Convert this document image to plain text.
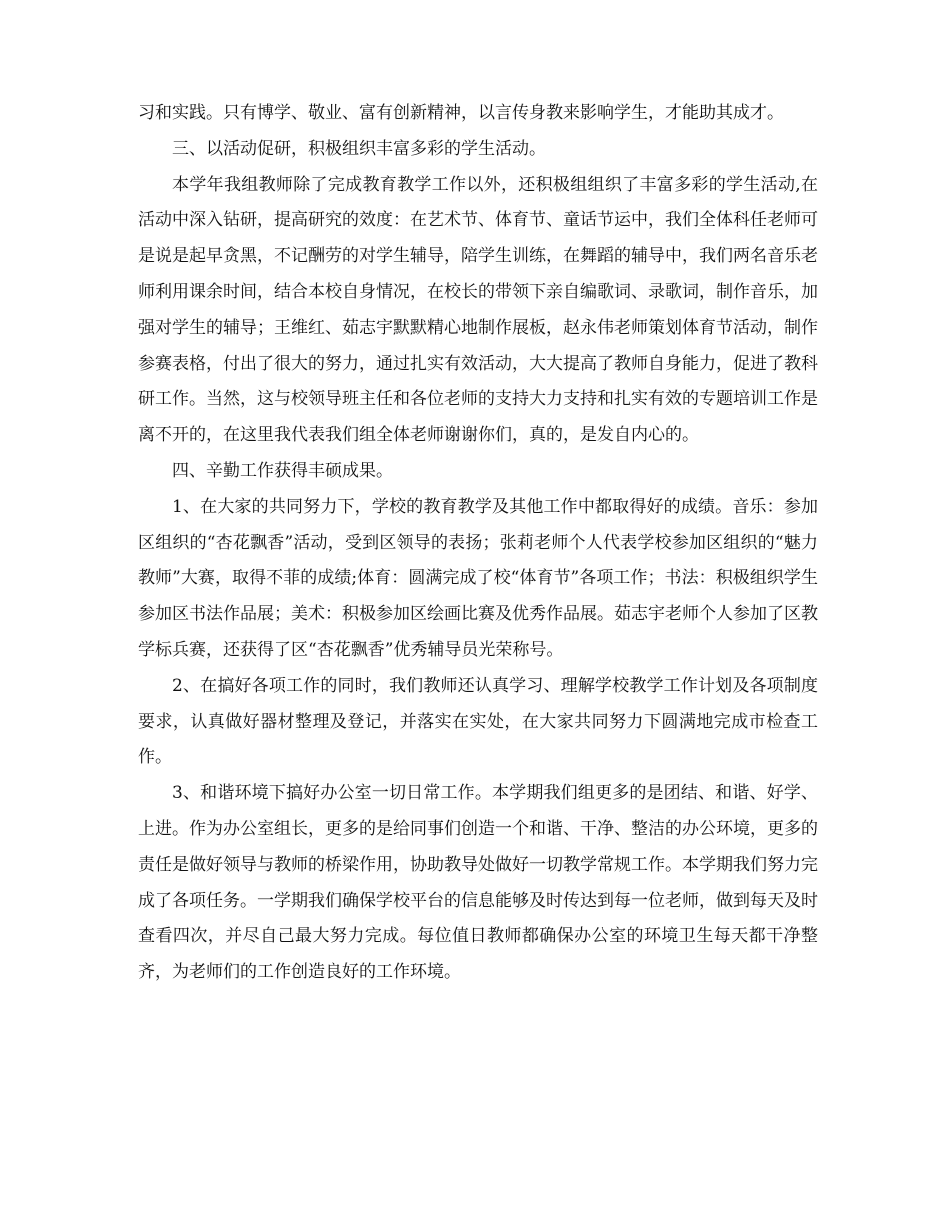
习和实践。只有博学、敬业、富有创新精神，以言传身教来影响学生，才能助其成才。

三、以活动促研，积极组织丰富多彩的学生活动。

本学年我组教师除了完成教育教学工作以外，还积极组组织了丰富多彩的学生活动,在活动中深入钻研，提高研究的效度：在艺术节、体育节、童话节运中，我们全体科任老师可是说是起早贪黑，不记酬劳的对学生辅导，陪学生训练，在舞蹈的辅导中，我们两名音乐老师利用课余时间，结合本校自身情况，在校长的带领下亲自编歌词、录歌词，制作音乐，加强对学生的辅导；王维红、茹志宇默默精心地制作展板，赵永伟老师策划体育节活动，制作参赛表格，付出了很大的努力，通过扎实有效活动，大大提高了教师自身能力，促进了教科研工作。当然，这与校领导班主任和各位老师的支持大力支持和扎实有效的专题培训工作是离不开的，在这里我代表我们组全体老师谢谢你们，真的，是发自内心的。

四、辛勤工作获得丰硕成果。

1、在大家的共同努力下，学校的教育教学及其他工作中都取得好的成绩。音乐：参加区组织的“杏花飘香”活动，受到区领导的表扬；张莉老师个人代表学校参加区组织的“魅力教师”大赛，取得不菲的成绩;体育：圆满完成了校“体育节”各项工作；书法：积极组织学生参加区书法作品展；美术：积极参加区绘画比赛及优秀作品展。茹志宇老师个人参加了区教学标兵赛，还获得了区“杏花飘香”优秀辅导员光荣称号。

2、在搞好各项工作的同时，我们教师还认真学习、理解学校教学工作计划及各项制度要求，认真做好器材整理及登记，并落实在实处，在大家共同努力下圆满地完成市检查工作。

3、和谐环境下搞好办公室一切日常工作。本学期我们组更多的是团结、和谐、好学、上进。作为办公室组长，更多的是给同事们创造一个和谐、干净、整洁的办公环境，更多的责任是做好领导与教师的桥梁作用，协助教导处做好一切教学常规工作。本学期我们努力完成了各项任务。一学期我们确保学校平台的信息能够及时传达到每一位老师，做到每天及时查看四次，并尽自己最大努力完成。每位值日教师都确保办公室的环境卫生每天都干净整齐，为老师们的工作创造良好的工作环境。
